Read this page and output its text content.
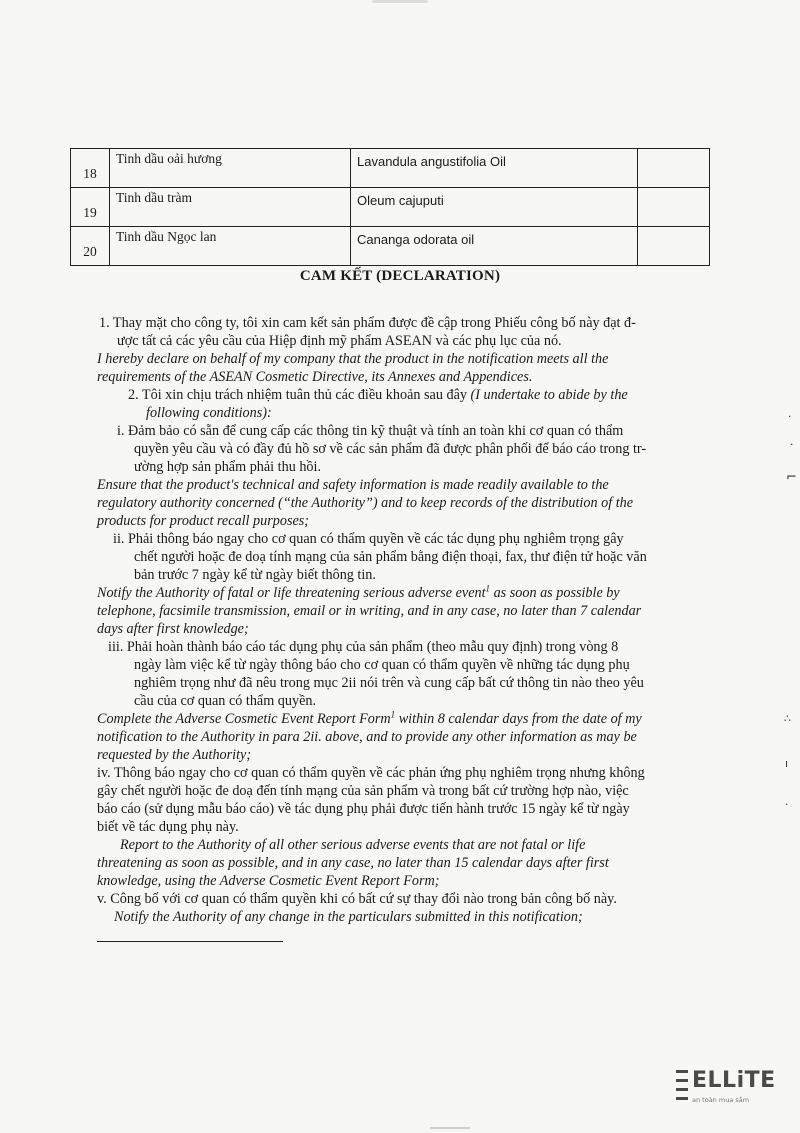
18	Tinh dầu oải hương	Lavandula angustifolia Oil	
19	Tinh dầu tràm	Oleum cajuputi	
20	Tinh dầu Ngọc lan	Cananga odorata oil	
CAM KẾT (DECLARATION)
1. Thay mặt cho công ty, tôi xin cam kết sản phẩm được đề cập trong Phiếu công bố này đạt đ-
ược tất cả các yêu cầu của Hiệp định mỹ phẩm ASEAN và các phụ lục của nó.
I hereby declare on behalf of my company that the product in the notification meets all the
requirements of the ASEAN Cosmetic Directive, its Annexes and Appendices.
2. Tôi xin chịu trách nhiệm tuân thủ các điều khoản sau đây (I undertake to abide by the
following conditions):
i. Đảm bảo có sẵn để cung cấp các thông tin kỹ thuật và tính an toàn khi cơ quan có thẩm
quyền yêu cầu và có đầy đủ hồ sơ về các sản phẩm đã được phân phối để báo cáo trong tr-
ường hợp sản phẩm phải thu hồi.
Ensure that the product's technical and safety information is made readily available to the
regulatory authority concerned (“the Authority”) and to keep records of the distribution of the
products for product recall purposes;
ii. Phải thông báo ngay cho cơ quan có thẩm quyền về các tác dụng phụ nghiêm trọng gây
chết người hoặc đe doạ tính mạng của sản phẩm bằng điện thoại, fax, thư điện tử hoặc văn
bản trước 7 ngày kể từ ngày biết thông tin.
Notify the Authority of fatal or life threatening serious adverse event$^1$ as soon as possible by
telephone, facsimile transmission, email or in writing, and in any case, no later than 7 calendar
days after first knowledge;
iii. Phải hoàn thành báo cáo tác dụng phụ của sản phẩm (theo mẫu quy định) trong vòng 8
ngày làm việc kể từ ngày thông báo cho cơ quan có thẩm quyền về những tác dụng phụ
nghiêm trọng như đã nêu trong mục 2ii nói trên và cung cấp bất cứ thông tin nào theo yêu
cầu của cơ quan có thẩm quyền.
Complete the Adverse Cosmetic Event Report Form$^1$ within 8 calendar days from the date of my
notification to the Authority in para 2ii. above, and to provide any other information as may be
requested by the Authority;
iv. Thông báo ngay cho cơ quan có thẩm quyền về các phản ứng phụ nghiêm trọng nhưng không
gây chết người hoặc đe doạ đến tính mạng của sản phẩm và trong bất cứ trường hợp nào, việc
báo cáo (sử dụng mẫu báo cáo) về tác dụng phụ phải được tiến hành trước 15 ngày kể từ ngày
biết về tác dụng phụ này.
Report to the Authority of all other serious adverse events that are not fatal or life
threatening as soon as possible, and in any case, no later than 15 calendar days after first
knowledge, using the Adverse Cosmetic Event Report Form;
v. Công bố với cơ quan có thẩm quyền khi có bất cứ sự thay đổi nào trong bản công bố này.
Notify the Authority of any change in the particulars submitted in this notification;
·
·
⌐
∴
ı
·
ELLiTE
an toàn mua sắm
